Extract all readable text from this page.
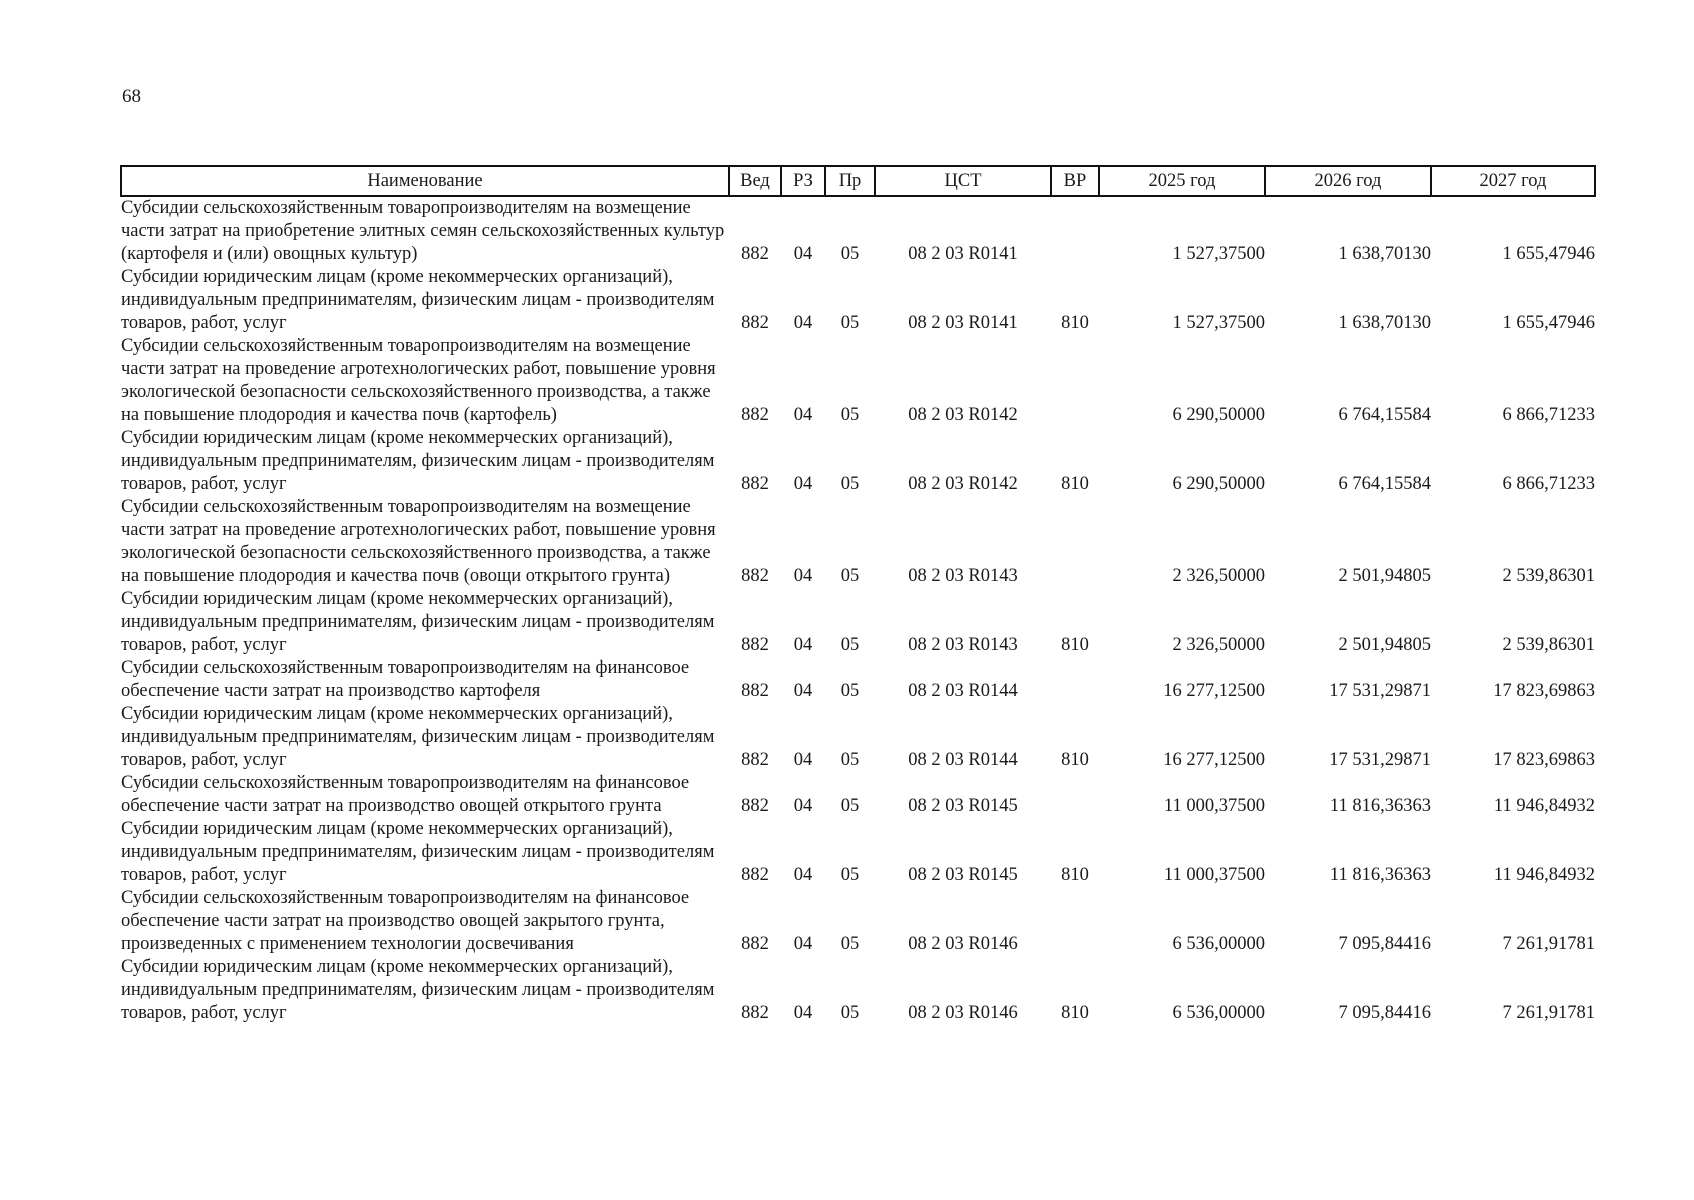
68
Наименование	Вед	РЗ	Пр	ЦСТ	ВР	2025 год	2026 год	2027 год
Субсидии сельскохозяйственным товаропроизводителям на возмещение части затрат на приобретение элитных семян сельскохозяйственных культур (картофеля и (или) овощных культур)	882	04	05	08 2 03 R0141		1 527,37500	1 638,70130	1 655,47946
Субсидии юридическим лицам (кроме некоммерческих организаций), индивидуальным предпринимателям, физическим лицам - производителям товаров, работ, услуг	882	04	05	08 2 03 R0141	810	1 527,37500	1 638,70130	1 655,47946
Субсидии сельскохозяйственным товаропроизводителям на возмещение части затрат на проведение агротехнологических работ, повышение уровня экологической безопасности сельскохозяйственного производства, а также на повышение плодородия и качества почв (картофель)	882	04	05	08 2 03 R0142		6 290,50000	6 764,15584	6 866,71233
Субсидии юридическим лицам (кроме некоммерческих организаций), индивидуальным предпринимателям, физическим лицам - производителям товаров, работ, услуг	882	04	05	08 2 03 R0142	810	6 290,50000	6 764,15584	6 866,71233
Субсидии сельскохозяйственным товаропроизводителям на возмещение части затрат на проведение агротехнологических работ, повышение уровня экологической безопасности сельскохозяйственного производства, а также на повышение плодородия и качества почв (овощи открытого грунта)	882	04	05	08 2 03 R0143		2 326,50000	2 501,94805	2 539,86301
Субсидии юридическим лицам (кроме некоммерческих организаций), индивидуальным предпринимателям, физическим лицам - производителям товаров, работ, услуг	882	04	05	08 2 03 R0143	810	2 326,50000	2 501,94805	2 539,86301
Субсидии сельскохозяйственным товаропроизводителям на финансовое обеспечение части затрат на производство картофеля	882	04	05	08 2 03 R0144		16 277,12500	17 531,29871	17 823,69863
Субсидии юридическим лицам (кроме некоммерческих организаций), индивидуальным предпринимателям, физическим лицам - производителям товаров, работ, услуг	882	04	05	08 2 03 R0144	810	16 277,12500	17 531,29871	17 823,69863
Субсидии сельскохозяйственным товаропроизводителям на финансовое обеспечение части затрат на производство овощей открытого грунта	882	04	05	08 2 03 R0145		11 000,37500	11 816,36363	11 946,84932
Субсидии юридическим лицам (кроме некоммерческих организаций), индивидуальным предпринимателям, физическим лицам - производителям товаров, работ, услуг	882	04	05	08 2 03 R0145	810	11 000,37500	11 816,36363	11 946,84932
Субсидии сельскохозяйственным товаропроизводителям на финансовое обеспечение части затрат на производство овощей закрытого грунта, произведенных с применением технологии досвечивания	882	04	05	08 2 03 R0146		6 536,00000	7 095,84416	7 261,91781
Субсидии юридическим лицам (кроме некоммерческих организаций), индивидуальным предпринимателям, физическим лицам - производителям товаров, работ, услуг	882	04	05	08 2 03 R0146	810	6 536,00000	7 095,84416	7 261,91781
